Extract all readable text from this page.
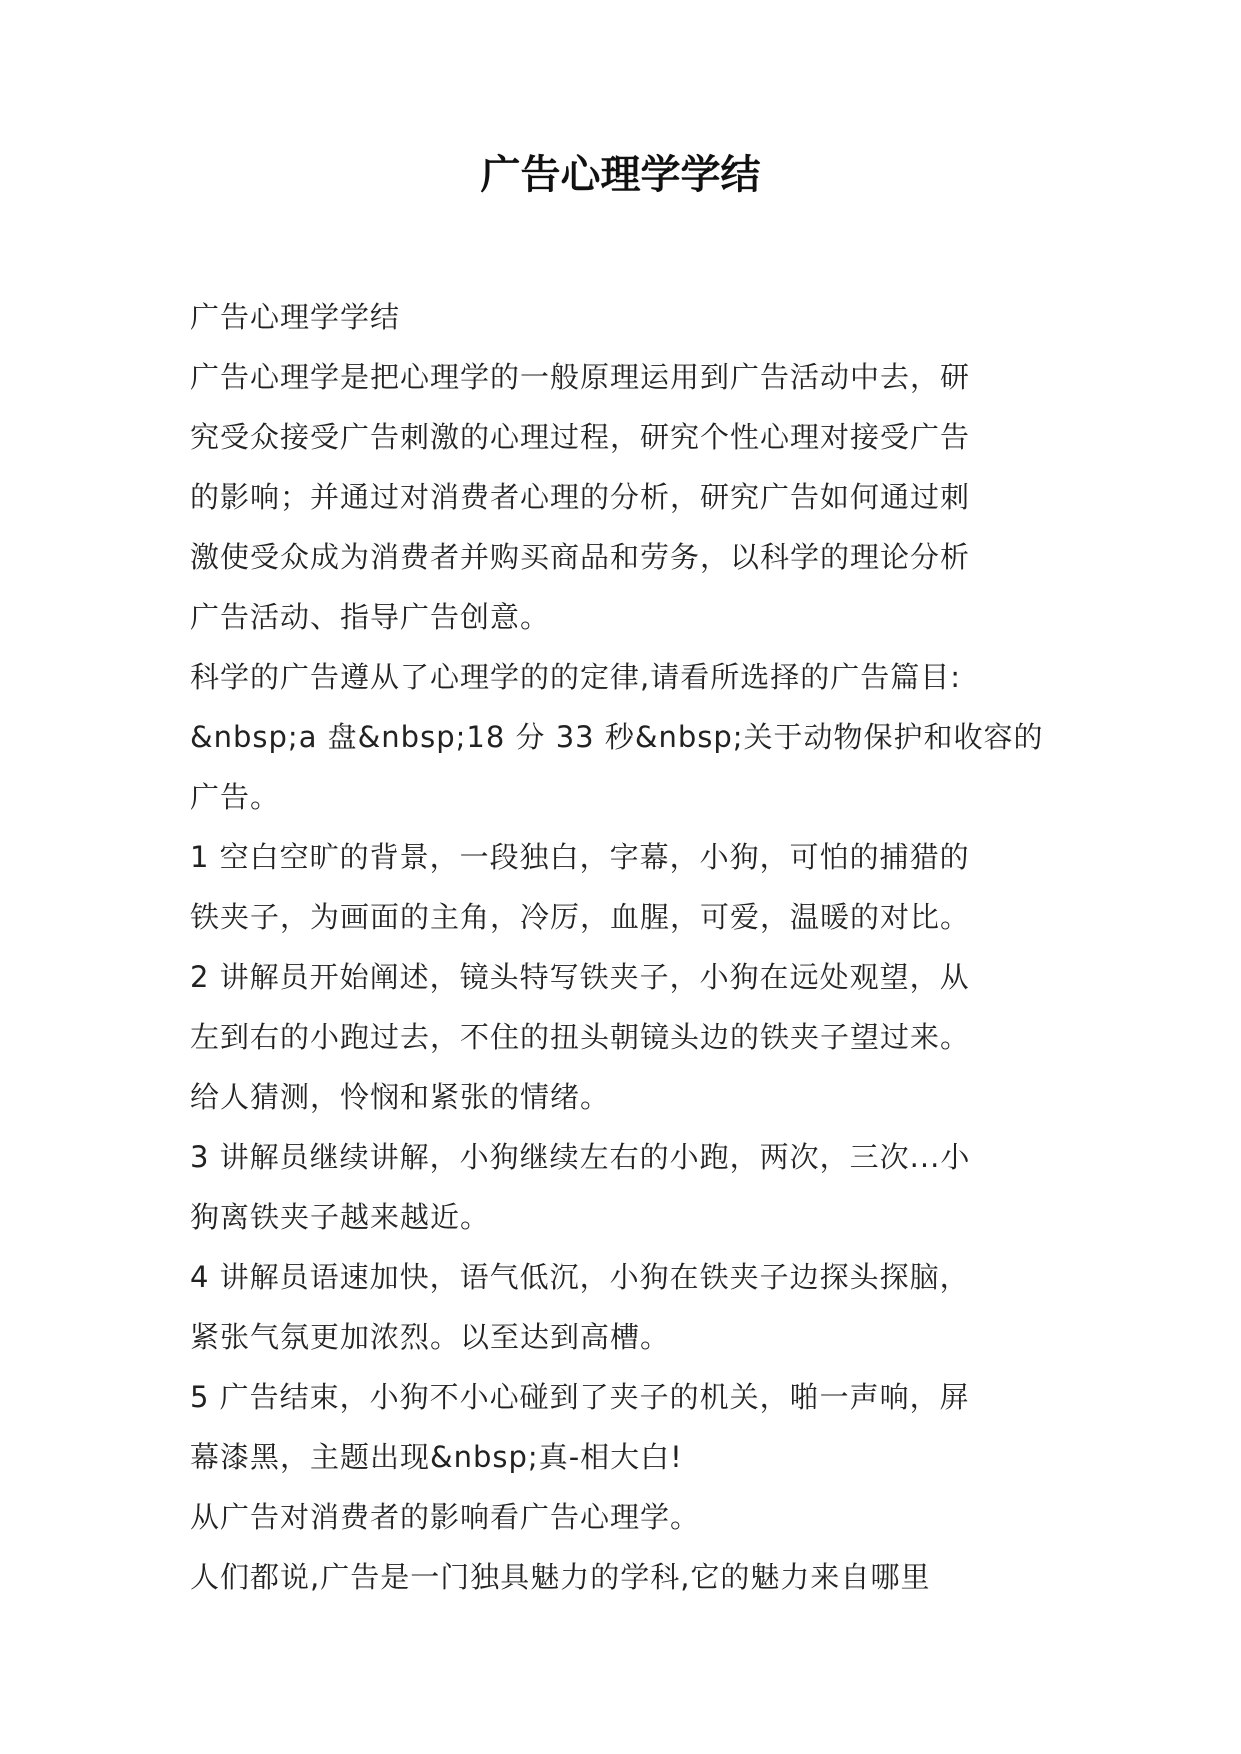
广告心理学学结
广告心理学学结
广告心理学是把心理学的一般原理运用到广告活动中去，研
究受众接受广告刺激的心理过程，研究个性心理对接受广告
的影响；并通过对消费者心理的分析，研究广告如何通过刺
激使受众成为消费者并购买商品和劳务，以科学的理论分析
广告活动、指导广告创意。
科学的广告遵从了心理学的的定律,请看所选择的广告篇目:
&nbsp;a 盘&nbsp;18 分 33 秒&nbsp;关于动物保护和收容的
广告。
1 空白空旷的背景，一段独白，字幕，小狗，可怕的捕猎的
铁夹子，为画面的主角，冷厉，血腥，可爱，温暖的对比。
2 讲解员开始阐述，镜头特写铁夹子，小狗在远处观望，从
左到右的小跑过去，不住的扭头朝镜头边的铁夹子望过来。
给人猜测，怜悯和紧张的情绪。
3 讲解员继续讲解，小狗继续左右的小跑，两次，三次...小
狗离铁夹子越来越近。
4 讲解员语速加快，语气低沉，小狗在铁夹子边探头探脑，
紧张气氛更加浓烈。以至达到高槽。
5 广告结束，小狗不小心碰到了夹子的机关，啪一声响，屏
幕漆黑，主题出现&nbsp;真-相大白!
从广告对消费者的影响看广告心理学。
人们都说,广告是一门独具魅力的学科,它的魅力来自哪里
